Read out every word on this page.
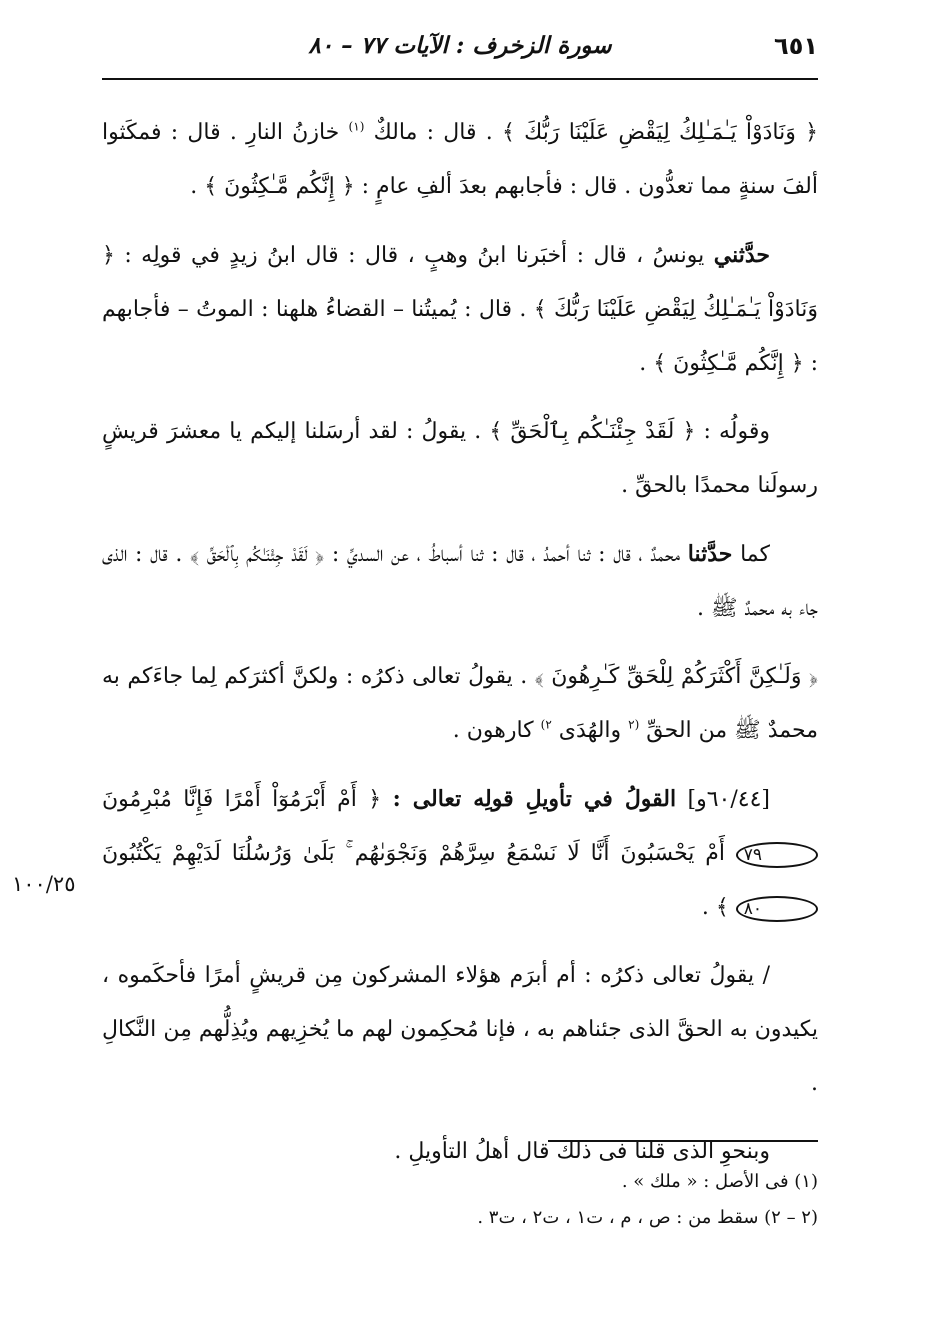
٦٥١
سورة الزخرف : الآيات ٧٧ – ٨٠
١٠٠/٢٥

﴿ وَنَادَوْاْ يَـٰمَـٰلِكُ لِيَقْضِ عَلَيْنَا رَبُّكَ ﴾ . قال : مالكٌ $^{(١)}$ خازنُ النارِ . قال : فمكَثوا ألفَ سنةٍ مما تعدُّون . قال : فأجابهم بعدَ ألفِ عامٍ : ﴿ إِنَّكُم مَّـٰكِثُونَ ﴾ .

حدَّثني يونسُ ، قال : أخبَرنا ابنُ وهبٍ ، قال : قال ابنُ زيدٍ في قولِه : ﴿ وَنَادَوْاْ يَـٰمَـٰلِكُ لِيَقْضِ عَلَيْنَا رَبُّكَ ﴾ . قال : يُميتُنا – القضاءُ هلهنا : الموتُ – فأجابهم : ﴿ إِنَّكُم مَّـٰكِثُونَ ﴾ .

وقولُه : ﴿ لَقَدْ جِئْنَـٰكُم بِٱلْحَقِّ ﴾ . يقولُ : لقد أرسَلنا إليكم يا معشرَ قريشٍ رسولَنا محمدًا بالحقِّ .

كما حدَّثنا محمدٌ ، قال : ثنا أحمدُ ، قال : ثنا أسباطُ ، عن السديِّ : ﴿ لَقَدْ جِئْنَـٰكُم بِٱلْحَقِّ ﴾ . قال : الذى جاء به محمدٌ ﷺ .

﴿ وَلَـٰكِنَّ أَكْثَرَكُمْ لِلْحَقِّ كَـٰرِهُونَ ﴾ . يقولُ تعالى ذكرُه : ولكنَّ أكثرَكم لِما جاءَكم به محمدٌ ﷺ من الحقِّ $^{(٢}$ والهُدَى $^{٢)}$ كارهون .

[٦٠/٤٤و] القولُ في تأويلِ قولِه تعالى : ﴿ أَمْ أَبْرَمُوٓاْ أَمْرًا فَإِنَّا مُبْرِمُونَ ٧٩ أَمْ يَحْسَبُونَ أَنَّا لَا نَسْمَعُ سِرَّهُمْ وَنَجْوَىٰهُم ۚ بَلَىٰ وَرُسُلُنَا لَدَيْهِمْ يَكْتُبُونَ ٨٠ ﴾ .

/ يقولُ تعالى ذكرُه : أم أبرَم هؤلاء المشركون مِن قريشٍ أمرًا فأحكَموه ، يكيدون به الحقَّ الذى جئناهم به ، فإنا مُحكِمون لهم ما يُخزِيهم ويُذِلُّهم مِن النَّكالِ .

وبنحوِ الذى قلنا فى ذلك قال أهلُ التأويلِ .

(١) فى الأصل : « ملك » .

(٢ – ٢) سقط من : ص ، م ، ت١ ، ت٢ ، ت٣ .
